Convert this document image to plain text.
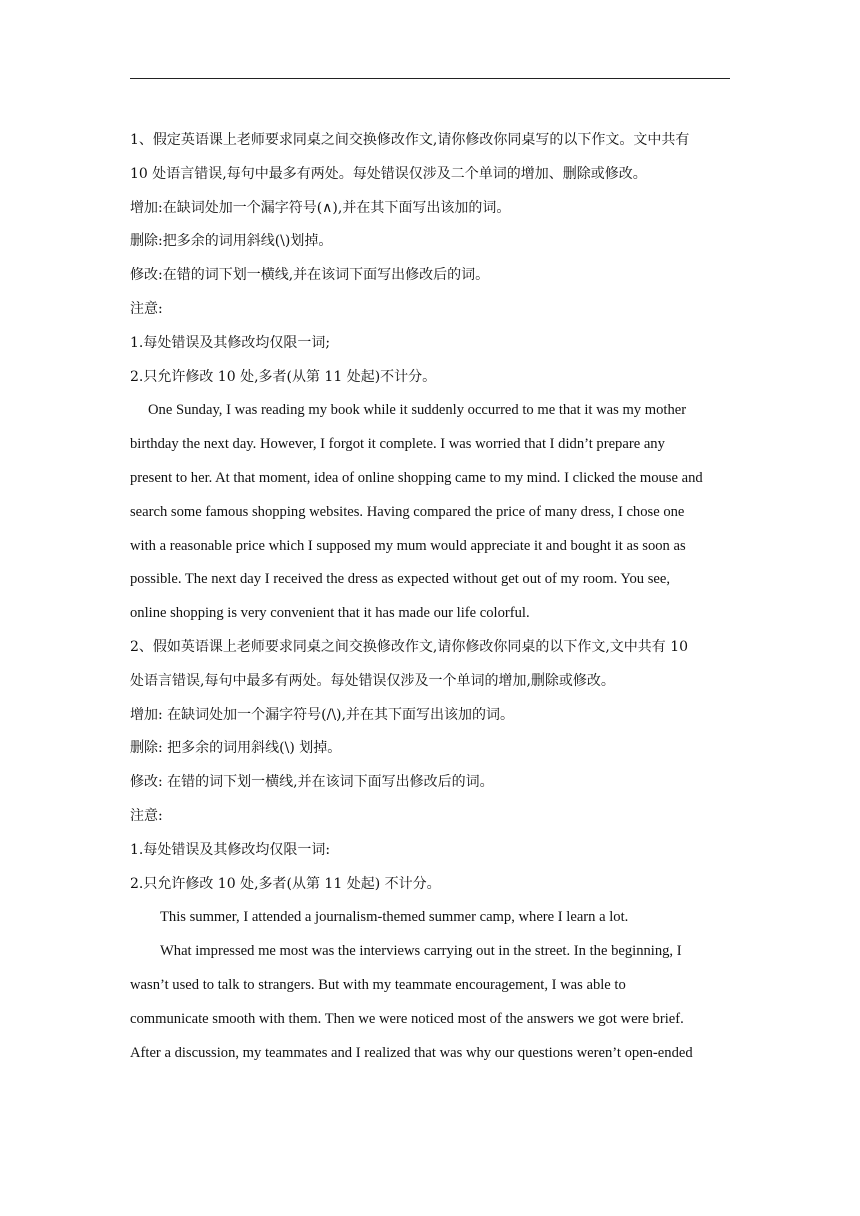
1、假定英语课上老师要求同桌之间交换修改作文,请你修改你同桌写的以下作文。文中共有
10 处语言错误,每句中最多有两处。每处错误仅涉及二个单词的增加、删除或修改。
增加:在缺词处加一个漏字符号(∧),并在其下面写出该加的词。
删除:把多余的词用斜线(\)划掉。
修改:在错的词下划一横线,并在该词下面写出修改后的词。
注意:
1.每处错误及其修改均仅限一词;
2.只允许修改 10 处,多者(从第 11 处起)不计分。
One Sunday, I was reading my book while it suddenly occurred to me that it was my mother
birthday the next day. However, I forgot it complete. I was worried that I didn’t prepare any
present to her. At that moment, idea of online shopping came to my mind. I clicked the mouse and
search some famous shopping websites. Having compared the price of many dress, I chose one
with a reasonable price which I supposed my mum would appreciate it and bought it as soon as
possible. The next day I received the dress as expected without get out of my room. You see,
online shopping is very convenient that it has made our life colorful.
2、假如英语课上老师要求同桌之间交换修改作文,请你修改你同桌的以下作文,文中共有 10
处语言错误,每句中最多有两处。每处错误仅涉及一个单词的增加,删除或修改。
增加: 在缺词处加一个漏字符号(/\),并在其下面写出该加的词。
删除: 把多余的词用斜线(\) 划掉。
修改: 在错的词下划一横线,并在该词下面写出修改后的词。
注意:
1.每处错误及其修改均仅限一词:
2.只允许修改 10 处,多者(从第 11 处起) 不计分。
This summer, I attended a journalism-themed summer camp, where I learn a lot.
What impressed me most was the interviews carrying out in the street. In the beginning, I
wasn’t used to talk to strangers. But with my teammate encouragement, I was able to
communicate smooth with them. Then we were noticed most of the answers we got were brief.
After a discussion, my teammates and I realized that was why our questions weren’t open-ended
